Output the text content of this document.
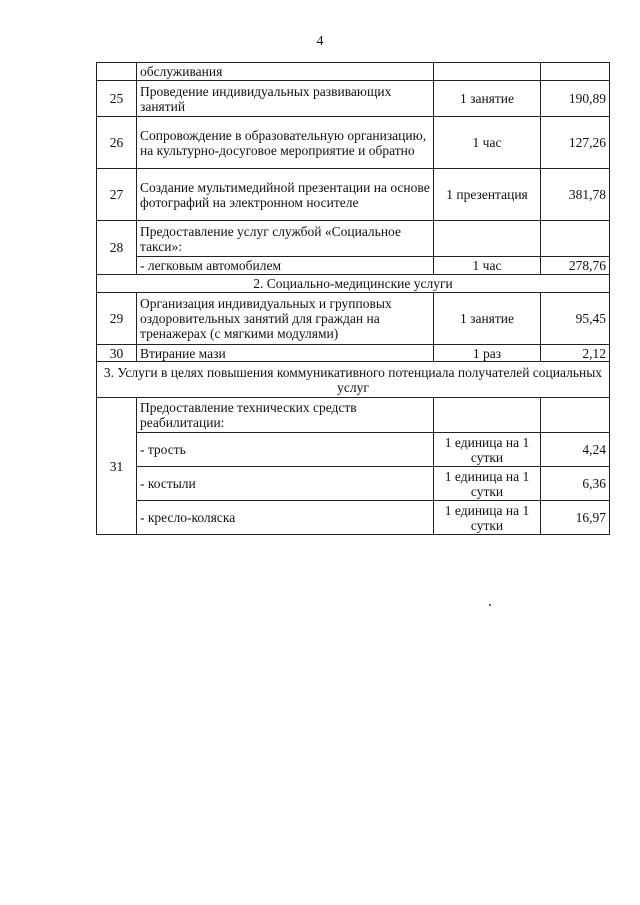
4
	обслуживания		
25	Проведение индивидуальных развивающих занятий	1 занятие	190,89
26	Сопровождение в образовательную организацию, на культурно-досуговое мероприятие и обратно	1 час	127,26
27	Создание мультимедийной презентации на основе фотографий на электронном носителе	1 презентация	381,78
28	Предоставление услуг службой «Социальное такси»:		
	- легковым автомобилем	1 час	278,76
2. Социально-медицинские услуги			
29	Организация индивидуальных и групповых оздоровительных занятий для граждан на тренажерах (с мягкими модулями)	1 занятие	95,45
30	Втирание мази	1 раз	2,12
3. Услуги в целях повышения коммуникативного потенциала получателей социальных услуг			
31	Предоставление технических средств реабилитации:		
	- трость	1 единица на 1 сутки	4,24
	- костыли	1 единица на 1 сутки	6,36
	- кресло-коляска	1 единица на 1 сутки	16,97
